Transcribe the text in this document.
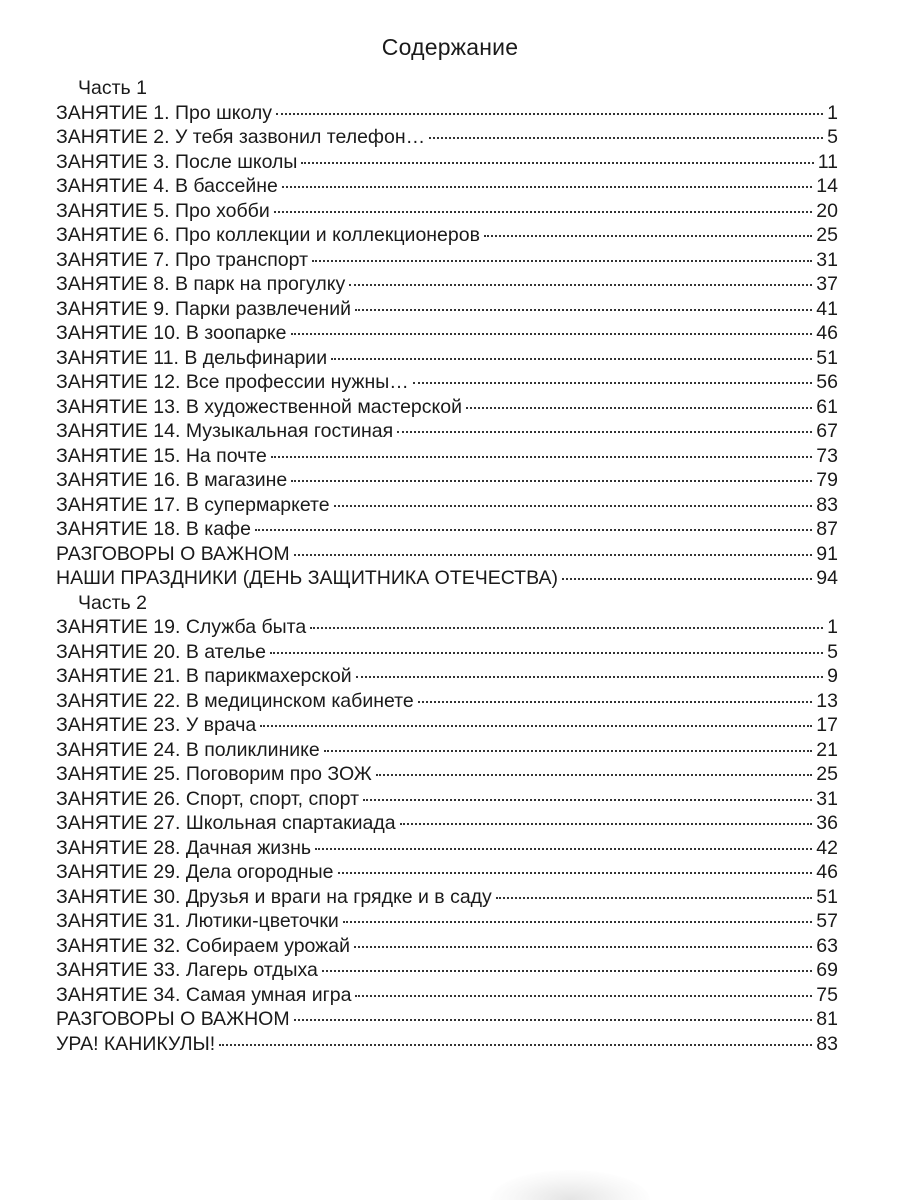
Содержание
Часть 1
ЗАНЯТИЕ 1. Про школу	1
ЗАНЯТИЕ 2. У тебя зазвонил телефон…	5
ЗАНЯТИЕ 3. После школы	11
ЗАНЯТИЕ 4. В бассейне	14
ЗАНЯТИЕ 5. Про хобби	20
ЗАНЯТИЕ 6. Про коллекции и коллекционеров	25
ЗАНЯТИЕ 7. Про транспорт	31
ЗАНЯТИЕ 8. В парк на прогулку	37
ЗАНЯТИЕ 9. Парки развлечений	41
ЗАНЯТИЕ 10. В зоопарке	46
ЗАНЯТИЕ 11. В дельфинарии	51
ЗАНЯТИЕ 12. Все профессии нужны…	56
ЗАНЯТИЕ 13. В художественной мастерской	61
ЗАНЯТИЕ 14. Музыкальная гостиная	67
ЗАНЯТИЕ 15. На почте	73
ЗАНЯТИЕ 16. В магазине	79
ЗАНЯТИЕ 17. В супермаркете	83
ЗАНЯТИЕ 18. В кафе	87
РАЗГОВОРЫ О ВАЖНОМ	91
НАШИ ПРАЗДНИКИ (ДЕНЬ ЗАЩИТНИКА ОТЕЧЕСТВА)	94
Часть 2
ЗАНЯТИЕ 19. Служба быта	1
ЗАНЯТИЕ 20. В ателье	5
ЗАНЯТИЕ 21. В парикмахерской	9
ЗАНЯТИЕ 22. В медицинском кабинете	13
ЗАНЯТИЕ 23. У врача	17
ЗАНЯТИЕ 24. В поликлинике	21
ЗАНЯТИЕ 25. Поговорим про ЗОЖ	25
ЗАНЯТИЕ 26. Спорт, спорт, спорт	31
ЗАНЯТИЕ 27. Школьная спартакиада	36
ЗАНЯТИЕ 28. Дачная жизнь	42
ЗАНЯТИЕ 29. Дела огородные	46
ЗАНЯТИЕ 30. Друзья и враги на грядке и в саду	51
ЗАНЯТИЕ 31. Лютики-цветочки	57
ЗАНЯТИЕ 32. Собираем урожай	63
ЗАНЯТИЕ 33. Лагерь отдыха	69
ЗАНЯТИЕ 34. Самая умная игра	75
РАЗГОВОРЫ О ВАЖНОМ	81
УРА! КАНИКУЛЫ!	83
